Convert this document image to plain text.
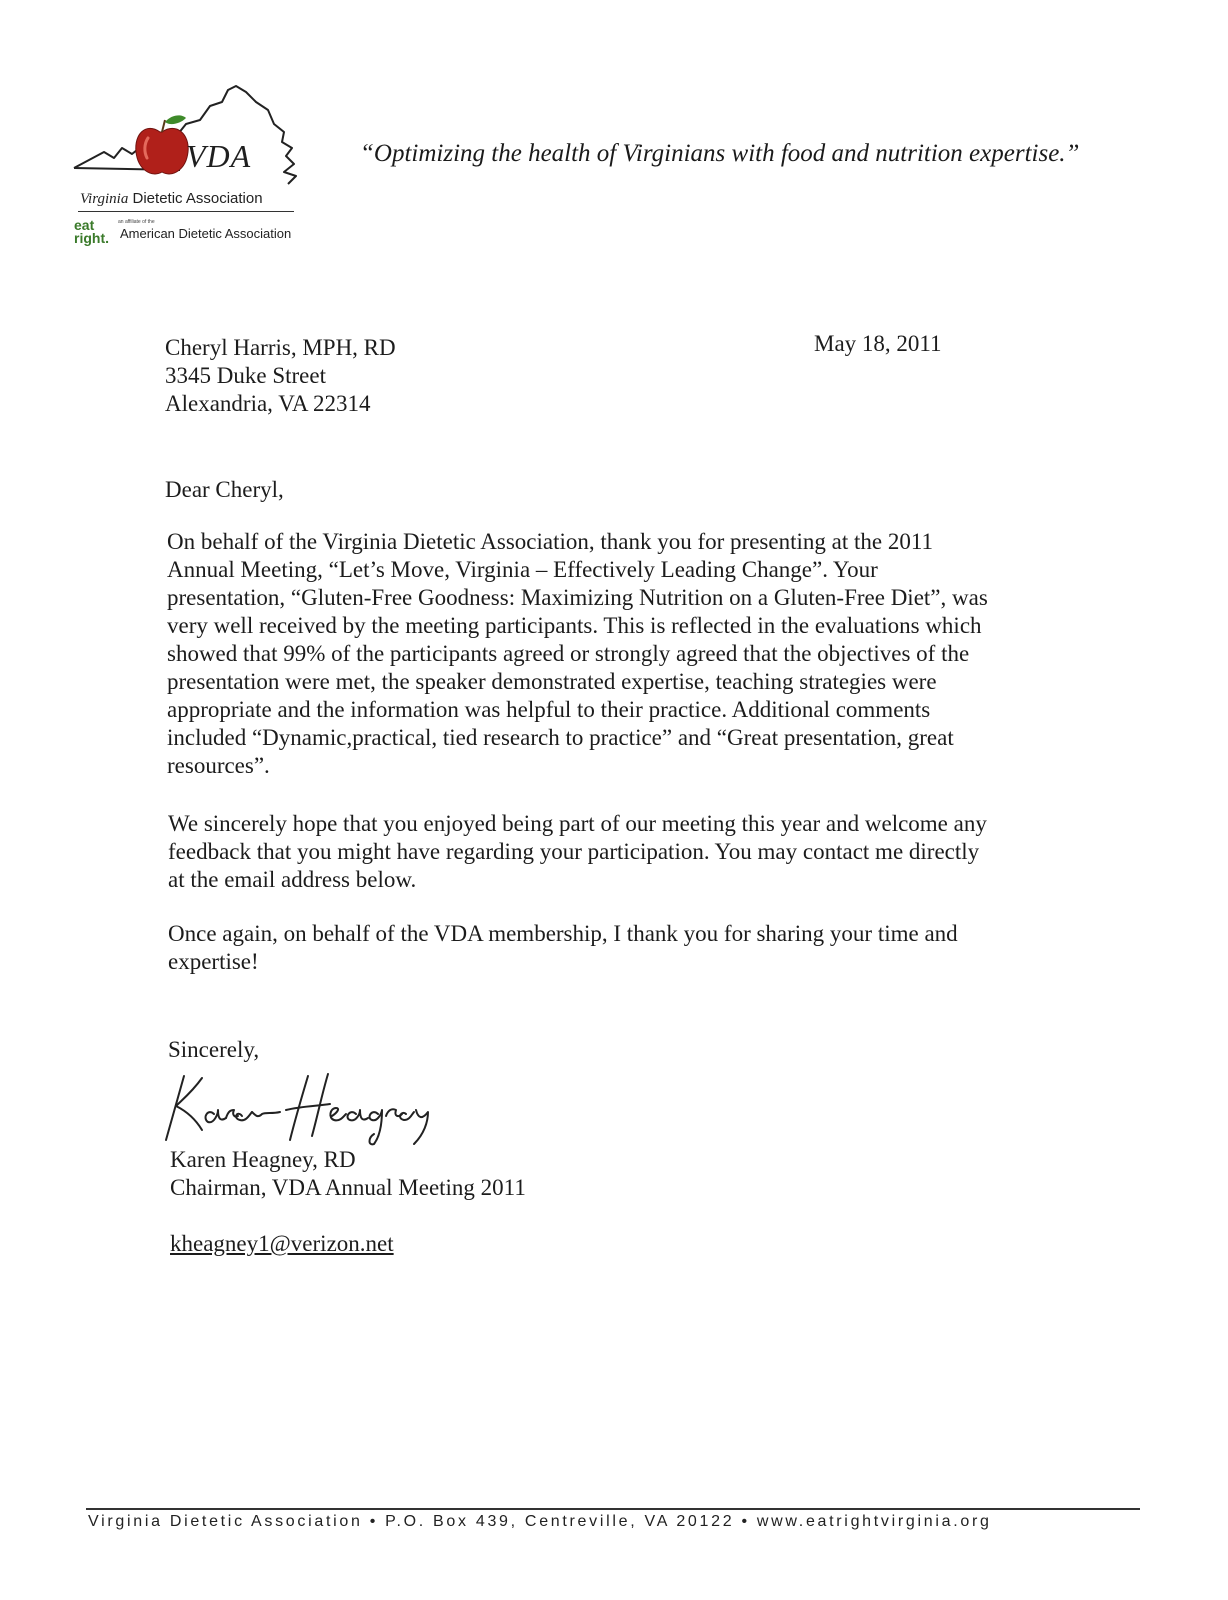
VDA
Virginia Dietetic Association
eat
right.
an affiliate of the
American Dietetic Association
“Optimizing the health of Virginians with food and nutrition expertise.”
Cheryl Harris, MPH, RD
3345 Duke Street
Alexandria, VA 22314
May 18, 2011
Dear Cheryl,
On behalf of the Virginia Dietetic Association, thank you for presenting at the 2011
Annual Meeting, “Let’s Move, Virginia – Effectively Leading Change”. Your
presentation, “Gluten-Free Goodness: Maximizing Nutrition on a Gluten-Free Diet”, was
very well received by the meeting participants. This is reflected in the evaluations which
showed that 99% of the participants agreed or strongly agreed that the objectives of the
presentation were met, the speaker demonstrated expertise, teaching strategies were
appropriate and the information was helpful to their practice. Additional comments
included “Dynamic,practical, tied research to practice” and “Great presentation, great
resources”.
We sincerely hope that you enjoyed being part of our meeting this year and welcome any
feedback that you might have regarding your participation. You may contact me directly
at the email address below.
Once again, on behalf of the VDA membership, I thank you for sharing your time and
expertise!
Sincerely,
Karen Heagney, RD
Chairman, VDA Annual Meeting 2011
kheagney1@verizon.net
Virginia Dietetic Association • P.O. Box 439, Centreville, VA 20122 • www.eatrightvirginia.org
